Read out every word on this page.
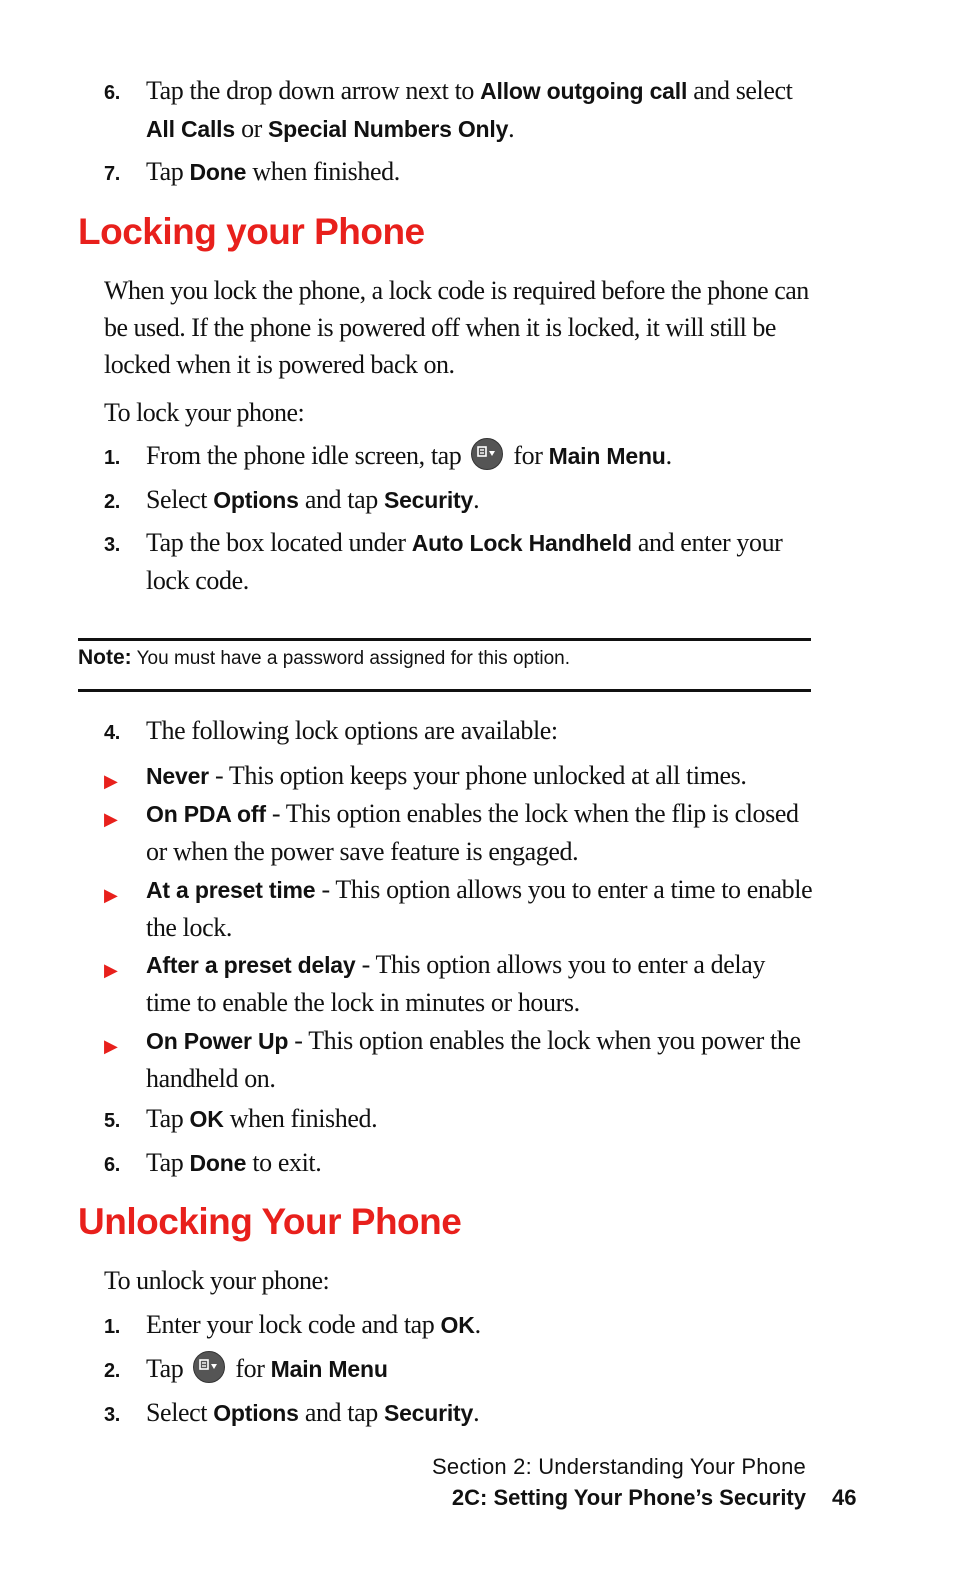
6. Tap the drop down arrow next to Allow outgoing call and select All Calls or Special Numbers Only.
7. Tap Done when finished.
Locking your Phone

When you lock the phone, a lock code is required before the phone can be used. If the phone is powered off when it is locked, it will still be locked when it is powered back on.

To lock your phone:

1. From the phone idle screen, tap for Main Menu.
2. Select Options and tap Security.
3. Tap the box located under Auto Lock Handheld and enter your lock code.
Note: You must have a password assigned for this option.
4. The following lock options are available:
▶ Never - This option keeps your phone unlocked at all times.
▶ On PDA off - This option enables the lock when the flip is closed or when the power save feature is engaged.
▶ At a preset time - This option allows you to enter a time to enable the lock.
▶ After a preset delay - This option allows you to enter a delay time to enable the lock in minutes or hours.
▶ On Power Up - This option enables the lock when you power the handheld on.
5. Tap OK when finished.
6. Tap Done to exit.
Unlocking Your Phone

To unlock your phone:

1. Enter your lock code and tap OK.
2. Tap for Main Menu
3. Select Options and tap Security.
Section 2: Understanding Your Phone
2C: Setting Your Phone’s Security 46
